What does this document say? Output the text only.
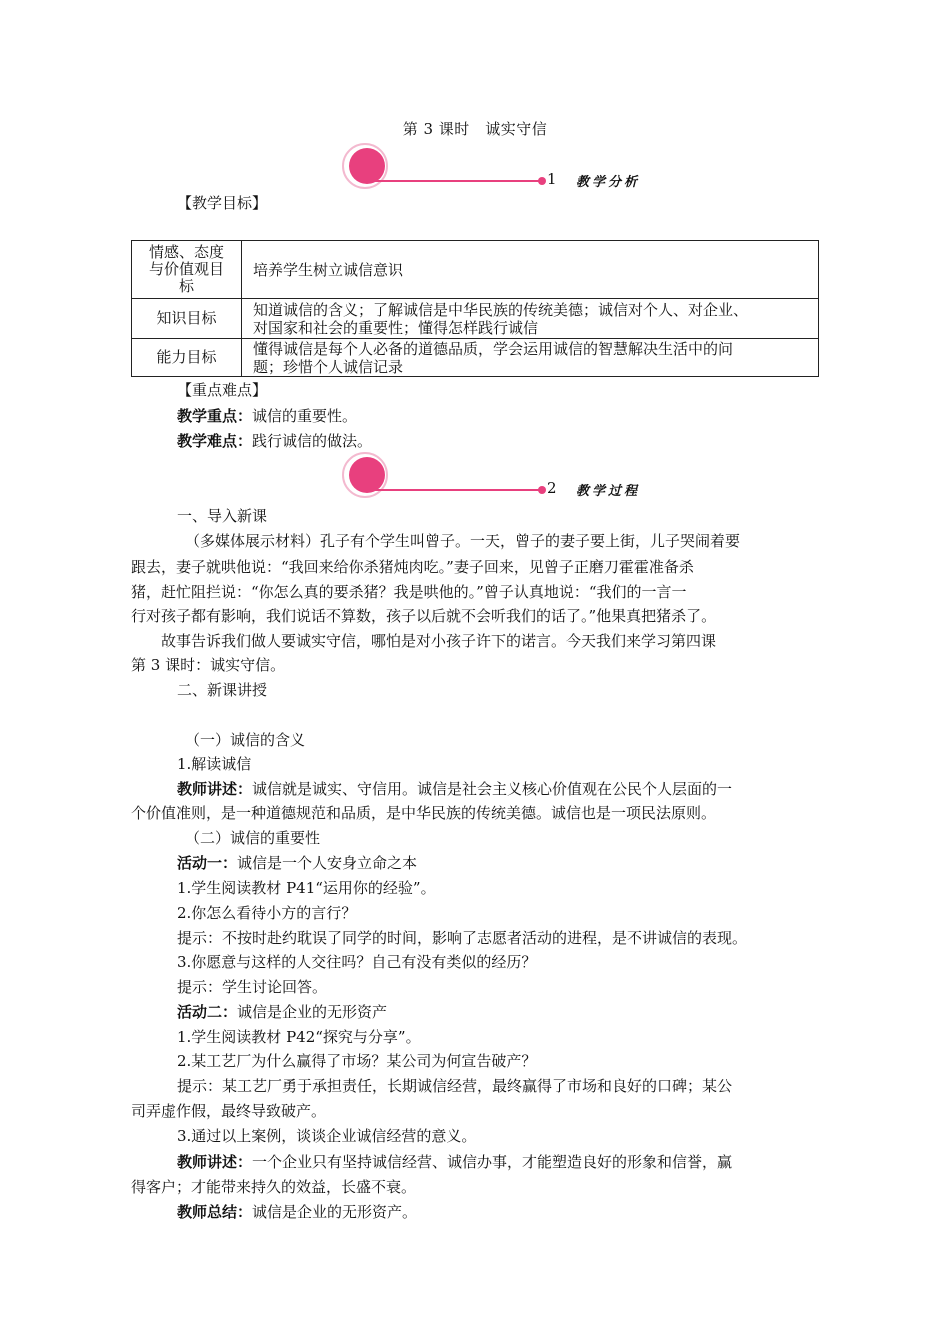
第 3 课时　诚实守信
1 教学分析

【教学目标】

情感、态度
与价值观目
标	培养学生树立诚信意识

知识目标	知道诚信的含义；了解诚信是中华民族的传统美德；诚信对个人、对企业、
对国家和社会的重要性；懂得怎样践行诚信

能力目标	懂得诚信是每个人必备的道德品质，学会运用诚信的智慧解决生活中的问
题；珍惜个人诚信记录

【重点难点】

教学重点：诚信的重要性。

教学难点：践行诚信的做法。

2 教学过程

一、导入新课

（多媒体展示材料）孔子有个学生叫曾子。一天，曾子的妻子要上街，儿子哭闹着要

跟去，妻子就哄他说：“我回来给你杀猪炖肉吃。”妻子回来，见曾子正磨刀霍霍准备杀

猪，赶忙阻拦说：“你怎么真的要杀猪？我是哄他的。”曾子认真地说：“我们的一言一

行对孩子都有影响，我们说话不算数，孩子以后就不会听我们的话了。”他果真把猪杀了。

故事告诉我们做人要诚实守信，哪怕是对小孩子许下的诺言。今天我们来学习第四课

第 3 课时：诚实守信。

二、新课讲授

（一）诚信的含义

1.解读诚信

教师讲述：诚信就是诚实、守信用。诚信是社会主义核心价值观在公民个人层面的一

个价值准则，是一种道德规范和品质，是中华民族的传统美德。诚信也是一项民法原则。

（二）诚信的重要性

活动一：诚信是一个人安身立命之本

1.学生阅读教材 P41“运用你的经验”。

2.你怎么看待小方的言行？

提示：不按时赴约耽误了同学的时间，影响了志愿者活动的进程，是不讲诚信的表现。

3.你愿意与这样的人交往吗？自己有没有类似的经历？

提示：学生讨论回答。

活动二：诚信是企业的无形资产

1.学生阅读教材 P42“探究与分享”。

2.某工艺厂为什么赢得了市场？某公司为何宣告破产？

提示：某工艺厂勇于承担责任，长期诚信经营，最终赢得了市场和良好的口碑；某公

司弄虚作假，最终导致破产。

3.通过以上案例，谈谈企业诚信经营的意义。

教师讲述：一个企业只有坚持诚信经营、诚信办事，才能塑造良好的形象和信誉，赢

得客户；才能带来持久的效益，长盛不衰。

教师总结：诚信是企业的无形资产。
